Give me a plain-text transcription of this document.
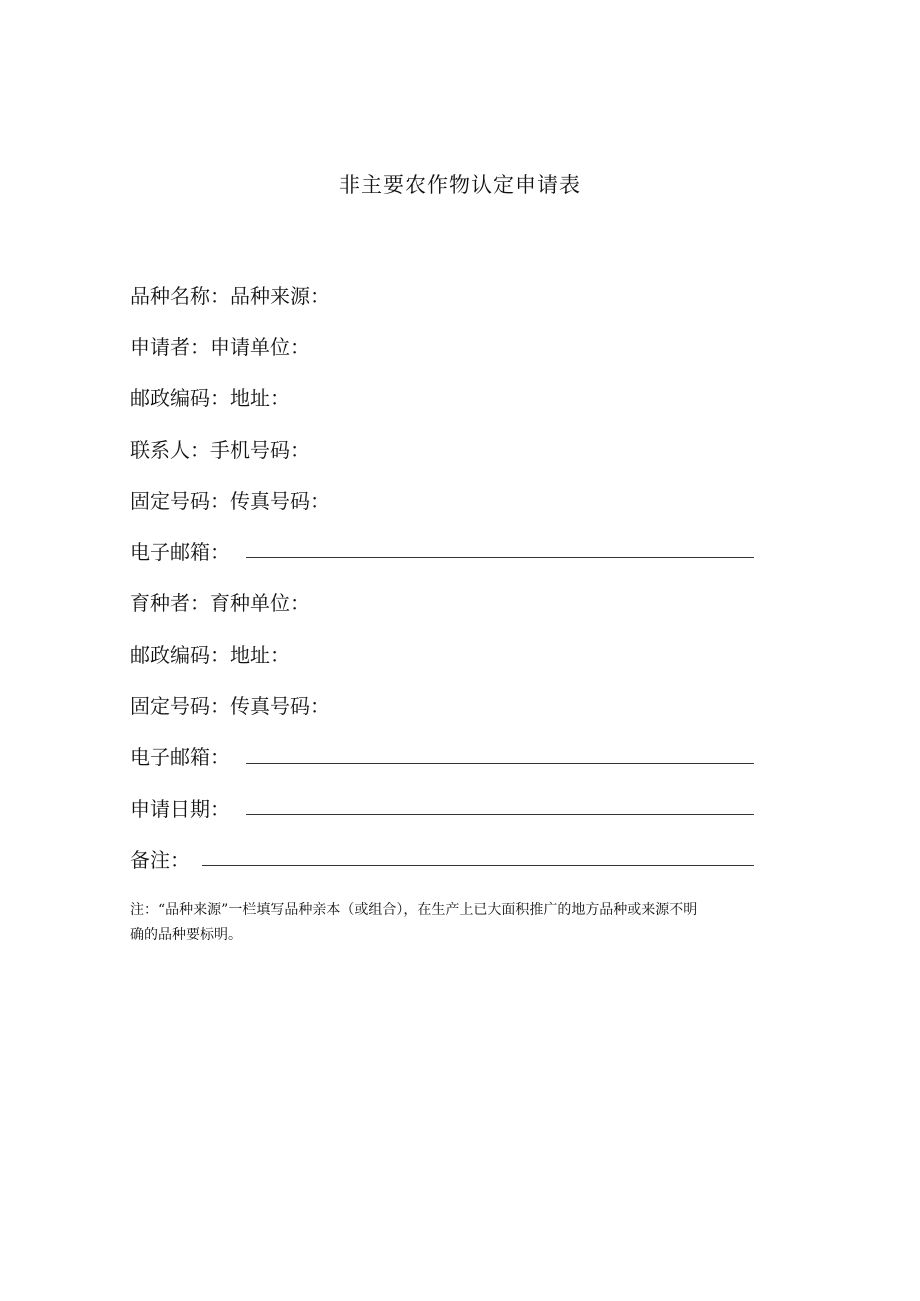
非主要农作物认定申请表
品种名称：品种来源：
申请者：申请单位：
邮政编码：地址：
联系人：手机号码：
固定号码：传真号码：
电子邮箱：
育种者：育种单位：
邮政编码：地址：
固定号码：传真号码：
电子邮箱：
申请日期：
备注：
注：“品种来源”一栏填写品种亲本（或组合），在生产上已大面积推广的地方品种或来源不明
确的品种要标明。
